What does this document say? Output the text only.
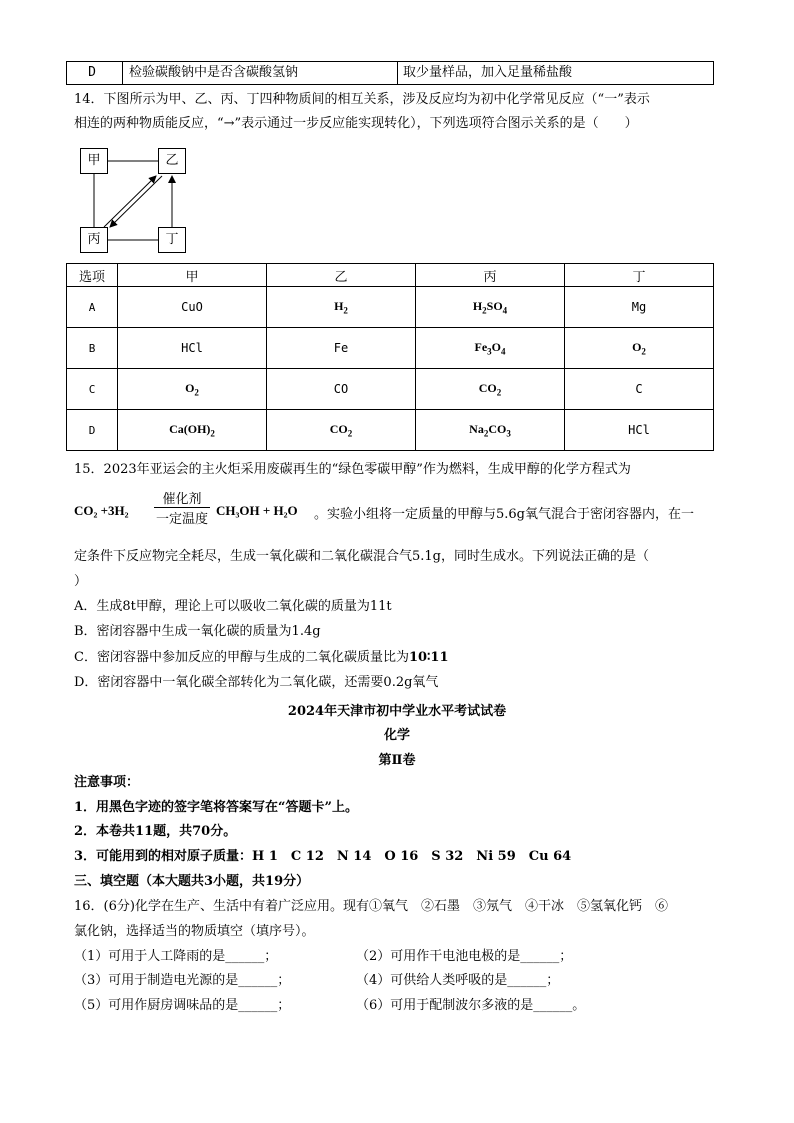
D	检验碳酸钠中是否含碳酸氢钠	取少量样品，加入足量稀盐酸
14．下图所示为甲、乙、丙、丁四种物质间的相互关系，涉及反应均为初中化学常见反应（“一”表示
相连的两种物质能反应，“→”表示通过一步反应能实现转化），下列选项符合图示关系的是（　　）
甲	乙
丙	丁
选项	甲	乙	丙	丁
A	CuO	$H_2$	$H_2SO_4$	Mg
B	HCl	Fe	$Fe_3O_4$	$O_2$
C	$O_2$	CO	$CO_2$	C
D	$Ca(OH)_2$	$CO_2$	$Na_2CO_3$	HCl
15．2023年亚运会的主火炬采用废碳再生的“绿色零碳甲醇”作为燃料，生成甲醇的化学方程式为
CO₂ +3H₂
催化剂
一定温度
CH₃OH + H₂O 。实验小组将一定质量的甲醇与5.6g氧气混合于密闭容器内，在一
定条件下反应物完全耗尽，生成一氧化碳和二氧化碳混合气5.1g，同时生成水。下列说法正确的是（
）
A．生成8t甲醇，理论上可以吸收二氧化碳的质量为11t
B．密闭容器中生成一氧化碳的质量为1.4g
C．密闭容器中参加反应的甲醇与生成的二氧化碳质量比为10∶11
D．密闭容器中一氧化碳全部转化为二氧化碳，还需要0.2g氧气
2024年天津市初中学业水平考试试卷
化学
第Ⅱ卷
注意事项：
1．用黑色字迹的签字笔将答案写在“答题卡”上。
2．本卷共11题，共70分。
3．可能用到的相对原子质量：H 1　C 12　N 14　O 16　S 32　Ni 59　Cu 64
三、填空题（本大题共3小题，共19分）
16．(6分)化学在生产、生活中有着广泛应用。现有①氧气　②石墨　③氖气　④干冰　⑤氢氧化钙　⑥
氯化钠，选择适当的物质填空（填序号）。
（1）可用于人工降雨的是______；	（2）可用作干电池电极的是______；
（3）可用于制造电光源的是______；	（4）可供给人类呼吸的是______；
（5）可用作厨房调味品的是______；	（6）可用于配制波尔多液的是______。
